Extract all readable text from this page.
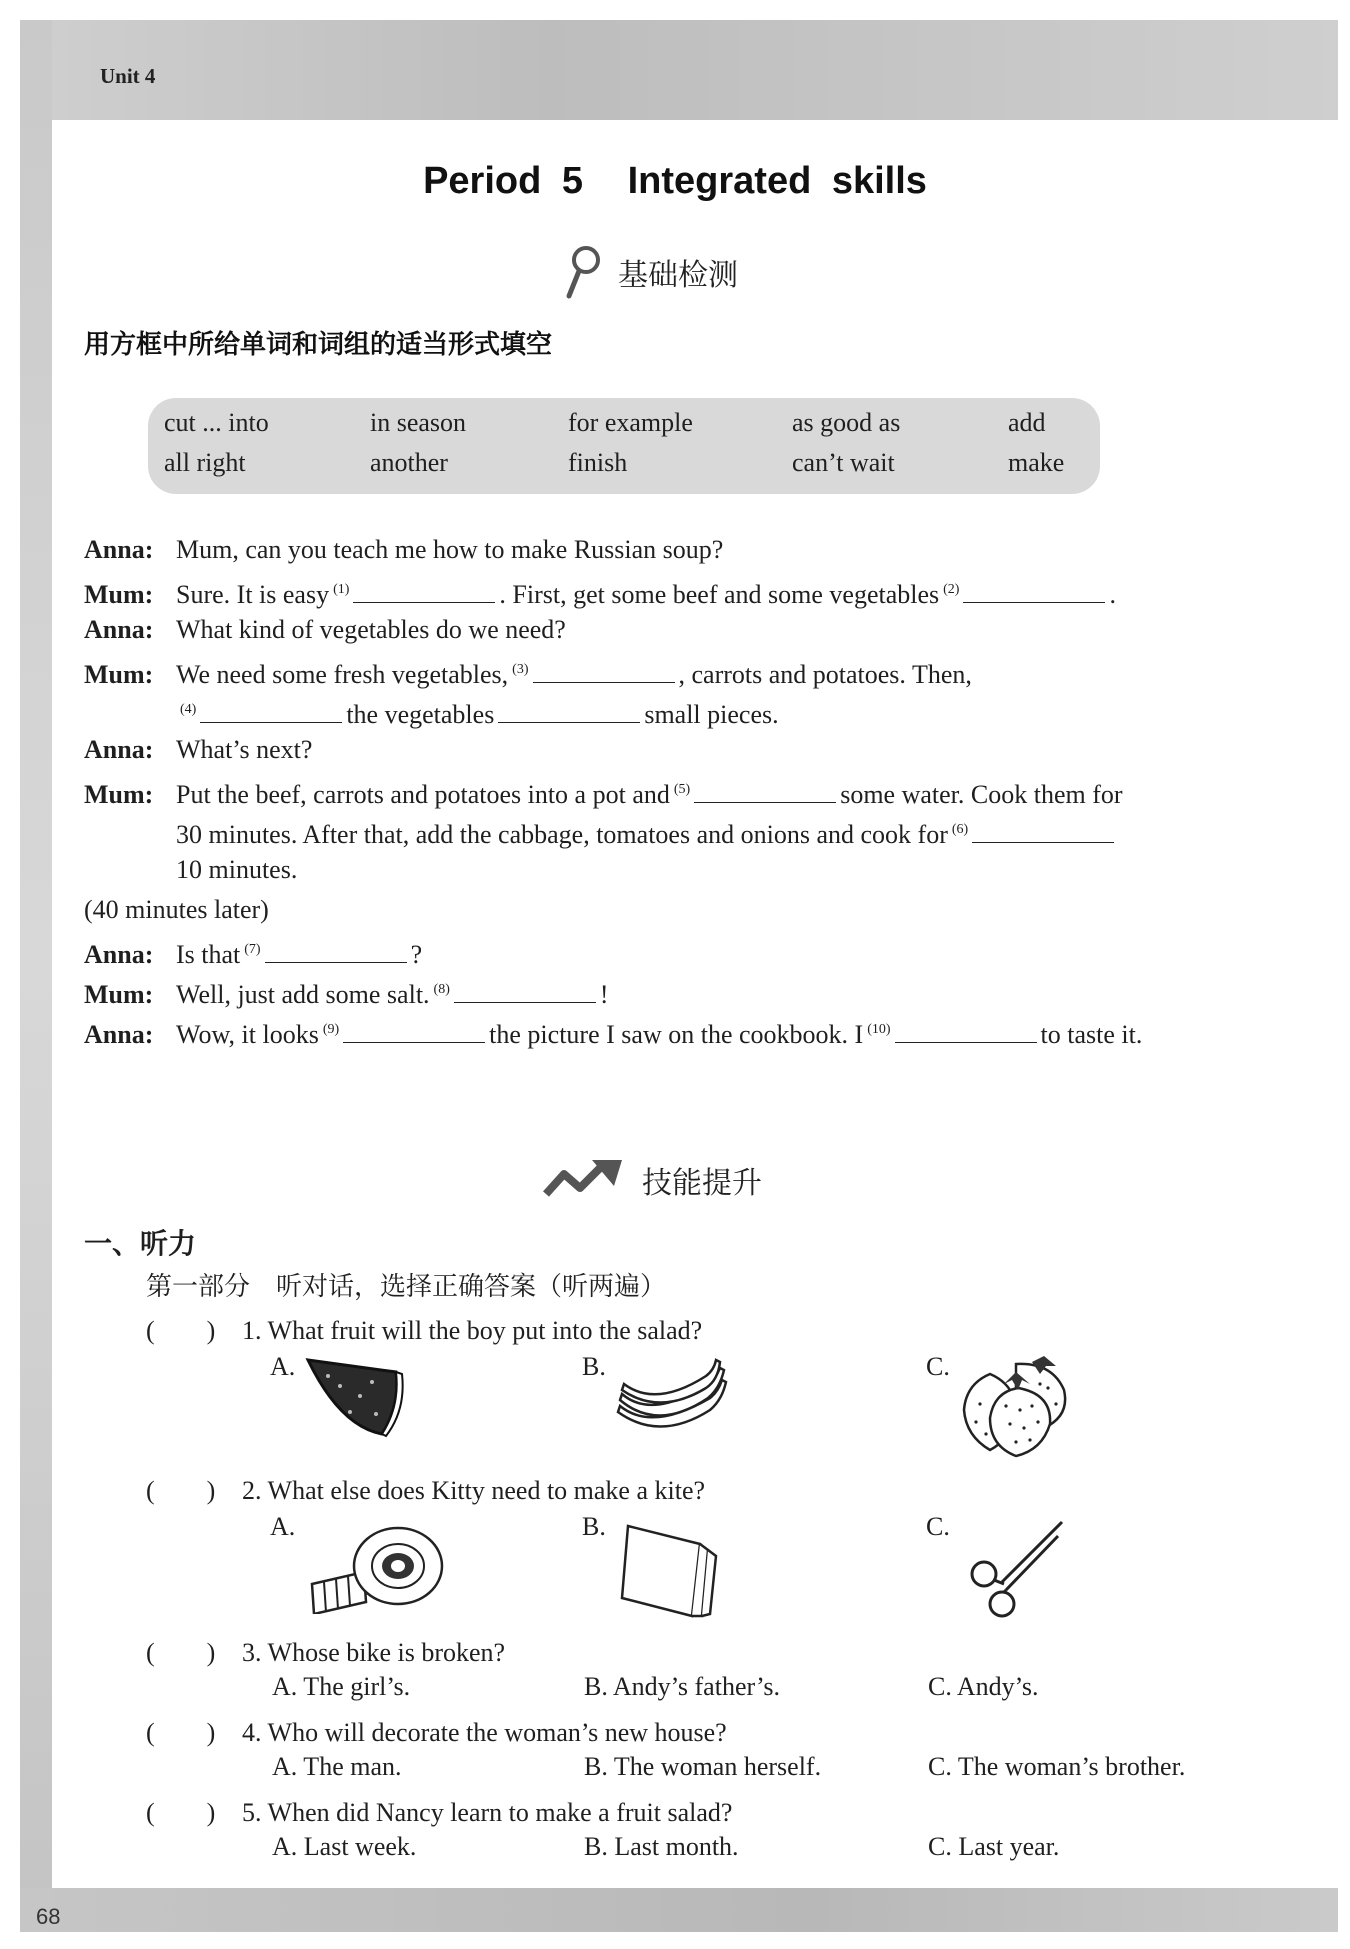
Unit 4
68
Period 5 Integrated skills
基础检测
用方框中所给单词和词组的适当形式填空
cut ... into	in season	for example	as good as	add
all right	another	finish	can’t wait	make
Anna: Mum, can you teach me how to make Russian soup?
Mum: Sure. It is easy $^{(1)}$	. First, get some beef and some vegetables $^{(2)}$	.
Anna: What kind of vegetables do we need?
Mum: We need some fresh vegetables, $^{(3)}$	, carrots and potatoes. Then,
$^{(4)}$	the vegetables	small pieces.
Anna: What’s next?
Mum: Put the beef, carrots and potatoes into a pot and $^{(5)}$	some water. Cook them for
30 minutes. After that, add the cabbage, tomatoes and onions and cook for $^{(6)}$
10 minutes.
(40 minutes later)
Anna: Is that $^{(7)}$	?
Mum: Well, just add some salt. $^{(8)}$	!
Anna: Wow, it looks $^{(9)}$	the picture I saw on the cookbook. I $^{(10)}$	to taste it.
技能提升
一、听力
第一部分　听对话，选择正确答案（听两遍）
(　　) 1. What fruit will the boy put into the salad?
A.	B.	C.
(　　) 2. What else does Kitty need to make a kite?
A.	B.	C.
(　　) 3. Whose bike is broken?
A. The girl’s.	B. Andy’s father’s.	C. Andy’s.
(　　) 4. Who will decorate the woman’s new house?
A. The man.	B. The woman herself.	C. The woman’s brother.
(　　) 5. When did Nancy learn to make a fruit salad?
A. Last week.	B. Last month.	C. Last year.
